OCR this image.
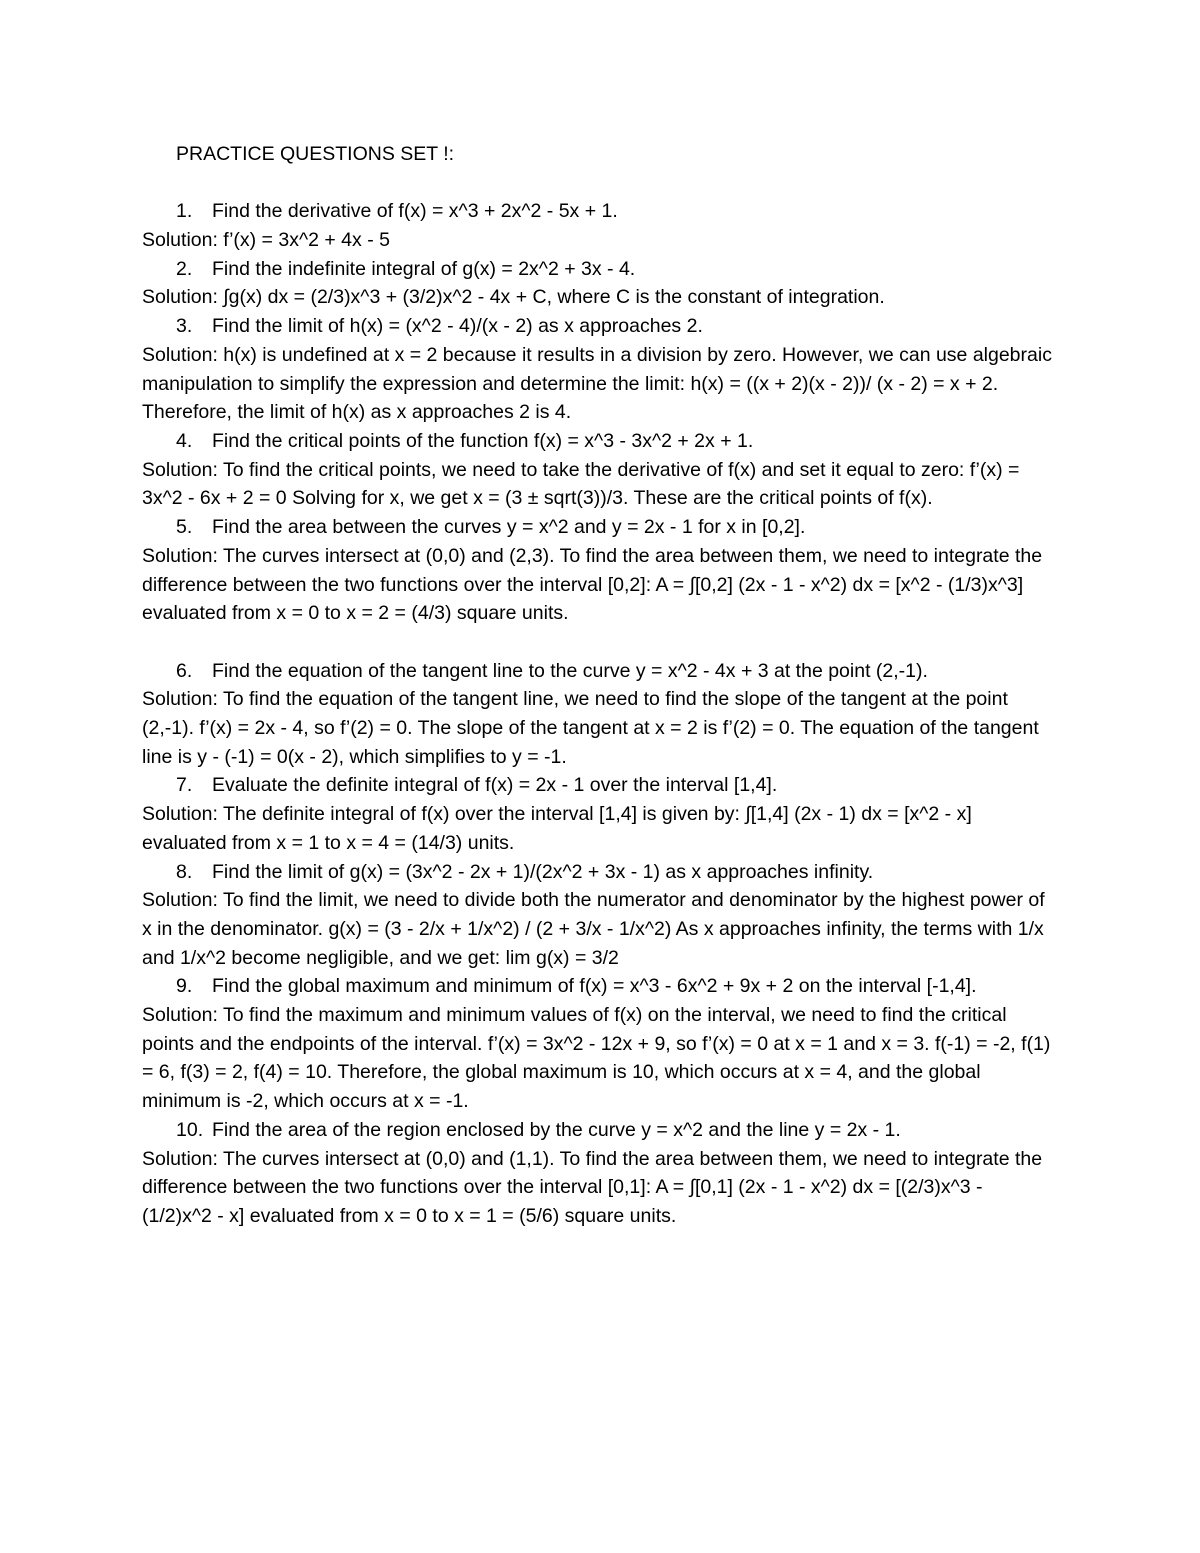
PRACTICE QUESTIONS SET !:

1.	Find the derivative of f(x) = x^3 + 2x^2 - 5x + 1.

Solution: f’(x) = 3x^2 + 4x - 5

2.	Find the indefinite integral of g(x) = 2x^2 + 3x - 4.

Solution: ∫g(x) dx = (2/3)x^3 + (3/2)x^2 - 4x + C, where C is the constant of integration.

3.	Find the limit of h(x) = (x^2 - 4)/(x - 2) as x approaches 2.

Solution: h(x) is undefined at x = 2 because it results in a division by zero. However, we can use algebraic manipulation to simplify the expression and determine the limit: h(x) = ((x + 2)(x - 2))/ (x - 2) = x + 2. Therefore, the limit of h(x) as x approaches 2 is 4.

4.	Find the critical points of the function f(x) = x^3 - 3x^2 + 2x + 1.

Solution: To find the critical points, we need to take the derivative of f(x) and set it equal to zero: f’(x) = 3x^2 - 6x + 2 = 0 Solving for x, we get x = (3 ± sqrt(3))/3. These are the critical points of f(x).

5.	Find the area between the curves y = x^2 and y = 2x - 1 for x in [0,2].

Solution: The curves intersect at (0,0) and (2,3). To find the area between them, we need to integrate the difference between the two functions over the interval [0,2]: A = ∫[0,2] (2x - 1 - x^2) dx = [x^2 - (1/3)x^3] evaluated from x = 0 to x = 2 = (4/3) square units.

6.	Find the equation of the tangent line to the curve y = x^2 - 4x + 3 at the point (2,-1).

Solution: To find the equation of the tangent line, we need to find the slope of the tangent at the point (2,-1). f’(x) = 2x - 4, so f’(2) = 0. The slope of the tangent at x = 2 is f’(2) = 0. The equation of the tangent line is y - (-1) = 0(x - 2), which simplifies to y = -1.

7.	Evaluate the definite integral of f(x) = 2x - 1 over the interval [1,4].

Solution: The definite integral of f(x) over the interval [1,4] is given by: ∫[1,4] (2x - 1) dx = [x^2 - x] evaluated from x = 1 to x = 4 = (14/3) units.

8.	Find the limit of g(x) = (3x^2 - 2x + 1)/(2x^2 + 3x - 1) as x approaches infinity.

Solution: To find the limit, we need to divide both the numerator and denominator by the highest power of x in the denominator. g(x) = (3 - 2/x + 1/x^2) / (2 + 3/x - 1/x^2) As x approaches infinity, the terms with 1/x and 1/x^2 become negligible, and we get: lim g(x) = 3/2

9.	Find the global maximum and minimum of f(x) = x^3 - 6x^2 + 9x + 2 on the interval [-1,4].

Solution: To find the maximum and minimum values of f(x) on the interval, we need to find the critical points and the endpoints of the interval. f’(x) = 3x^2 - 12x + 9, so f’(x) = 0 at x = 1 and x = 3. f(-1) = -2, f(1) = 6, f(3) = 2, f(4) = 10. Therefore, the global maximum is 10, which occurs at x = 4, and the global minimum is -2, which occurs at x = -1.

10. Find the area of the region enclosed by the curve y = x^2 and the line y = 2x - 1.

Solution: The curves intersect at (0,0) and (1,1). To find the area between them, we need to integrate the difference between the two functions over the interval [0,1]: A = ∫[0,1] (2x - 1 - x^2) dx = [(2/3)x^3 - (1/2)x^2 - x] evaluated from x = 0 to x = 1 = (5/6) square units.
